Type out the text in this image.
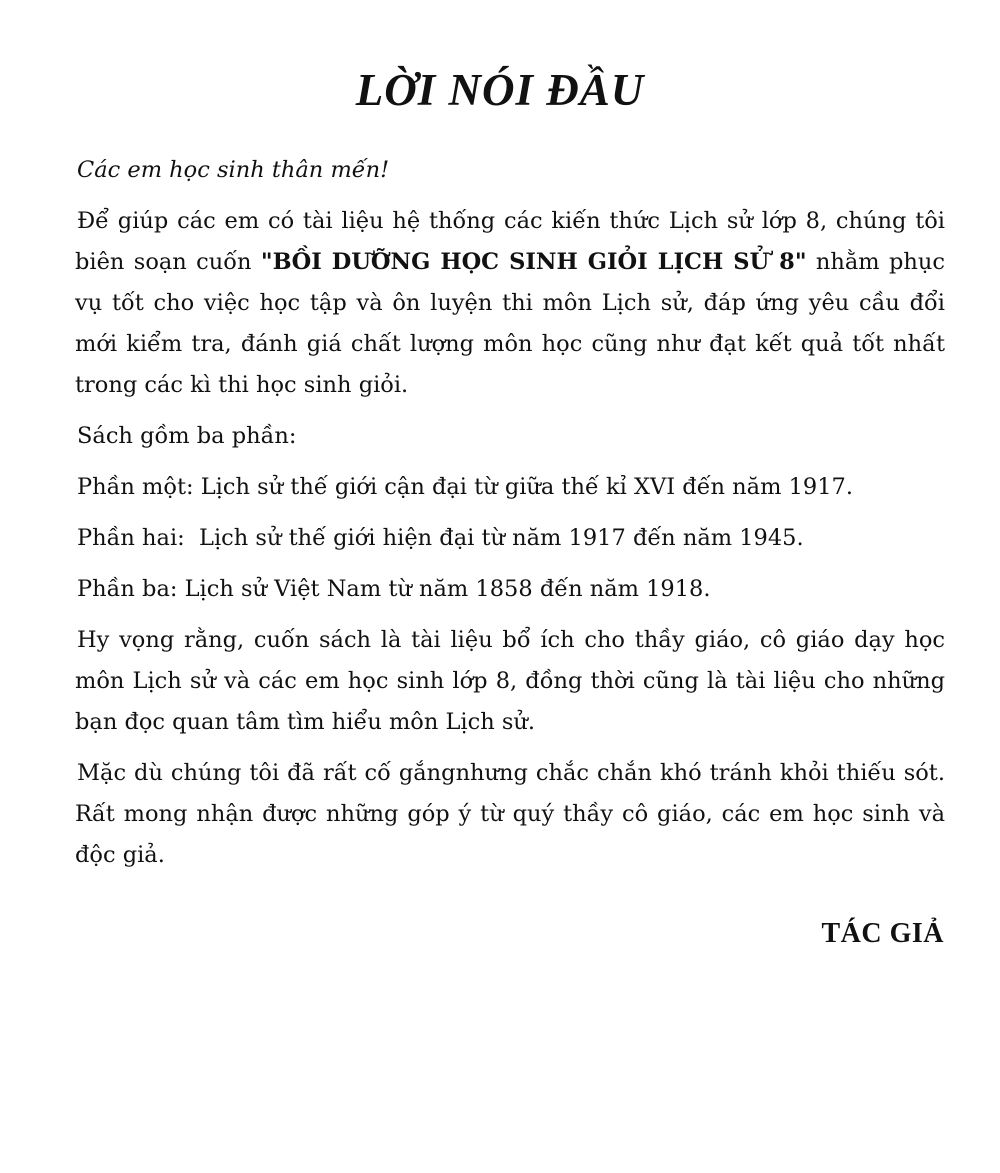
LỜI NÓI ĐẦU

Các em học sinh thân mến!

Để giúp các em có tài liệu hệ thống các kiến thức Lịch sử lớp 8, chúng tôi biên soạn cuốn "BỒI DƯỠNG HỌC SINH GIỎI LỊCH SỬ 8" nhằm phục vụ tốt cho việc học tập và ôn luyện thi môn Lịch sử, đáp ứng yêu cầu đổi mới kiểm tra, đánh giá chất lượng môn học cũng như đạt kết quả tốt nhất trong các kì thi học sinh giỏi.

Sách gồm ba phần:

Phần một: Lịch sử thế giới cận đại từ giữa thế kỉ XVI đến năm 1917.

Phần hai:  Lịch sử thế giới hiện đại từ năm 1917 đến năm 1945.

Phần ba: Lịch sử Việt Nam từ năm 1858 đến năm 1918.

Hy vọng rằng, cuốn sách là tài liệu bổ ích cho thầy giáo, cô giáo dạy học môn Lịch sử và các em học sinh lớp 8, đồng thời cũng là tài liệu cho những bạn đọc quan tâm tìm hiểu môn Lịch sử.

Mặc dù chúng tôi đã rất cố gắngnhưng chắc chắn khó tránh khỏi thiếu sót. Rất mong nhận được những góp ý từ quý thầy cô giáo, các em học sinh và độc giả.

TÁC GIẢ
